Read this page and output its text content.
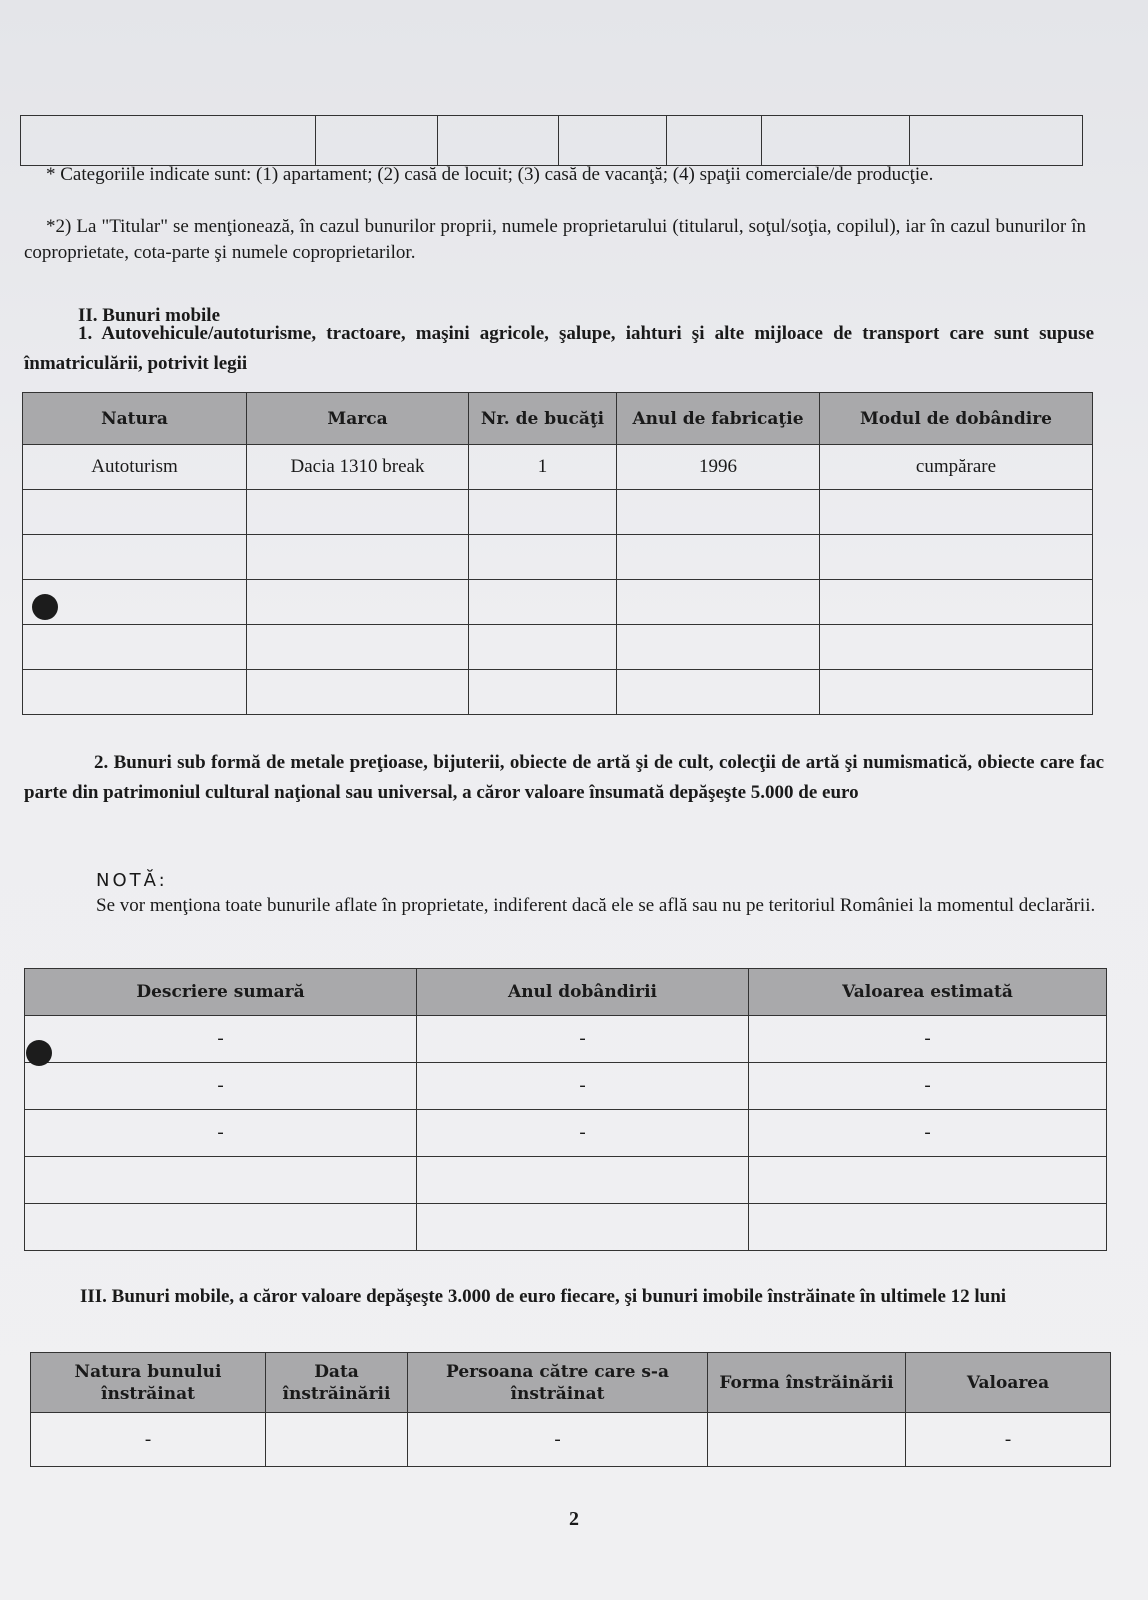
* Categoriile indicate sunt: (1) apartament; (2) casă de locuit; (3) casă de vacanţă; (4) spaţii comerciale/de producţie.

*2) La "Titular" se menţionează, în cazul bunurilor proprii, numele proprietarului (titularul, soţul/soţia, copilul), iar în cazul bunurilor în coproprietate, cota-parte şi numele coproprietarilor.

II. Bunuri mobile

1. Autovehicule/autoturisme, tractoare, maşini agricole, şalupe, iahturi şi alte mijloace de transport care sunt supuse înmatriculării, potrivit legii

Natura	Marca	Nr. de bucăţi	Anul de fabricaţie	Modul de dobândire
Autoturism	Dacia 1310 break	1	1996	cumpărare

2. Bunuri sub formă de metale preţioase, bijuterii, obiecte de artă şi de cult, colecţii de artă şi numismatică, obiecte care fac parte din patrimoniul cultural naţional sau universal, a căror valoare însumată depăşeşte 5.000 de euro

NOTĂ:

Se vor menţiona toate bunurile aflate în proprietate, indiferent dacă ele se află sau nu pe teritoriul României la momentul declarării.

Descriere sumară	Anul dobândirii	Valoarea estimată
-	-	-
-	-	-
-	-	-

III. Bunuri mobile, a căror valoare depăşeşte 3.000 de euro fiecare, şi bunuri imobile înstrăinate în ultimele 12 luni

Natura bunului înstrăinat	Data înstrăinării	Persoana către care s-a înstrăinat	Forma înstrăinării	Valoarea
-		-		-
2
